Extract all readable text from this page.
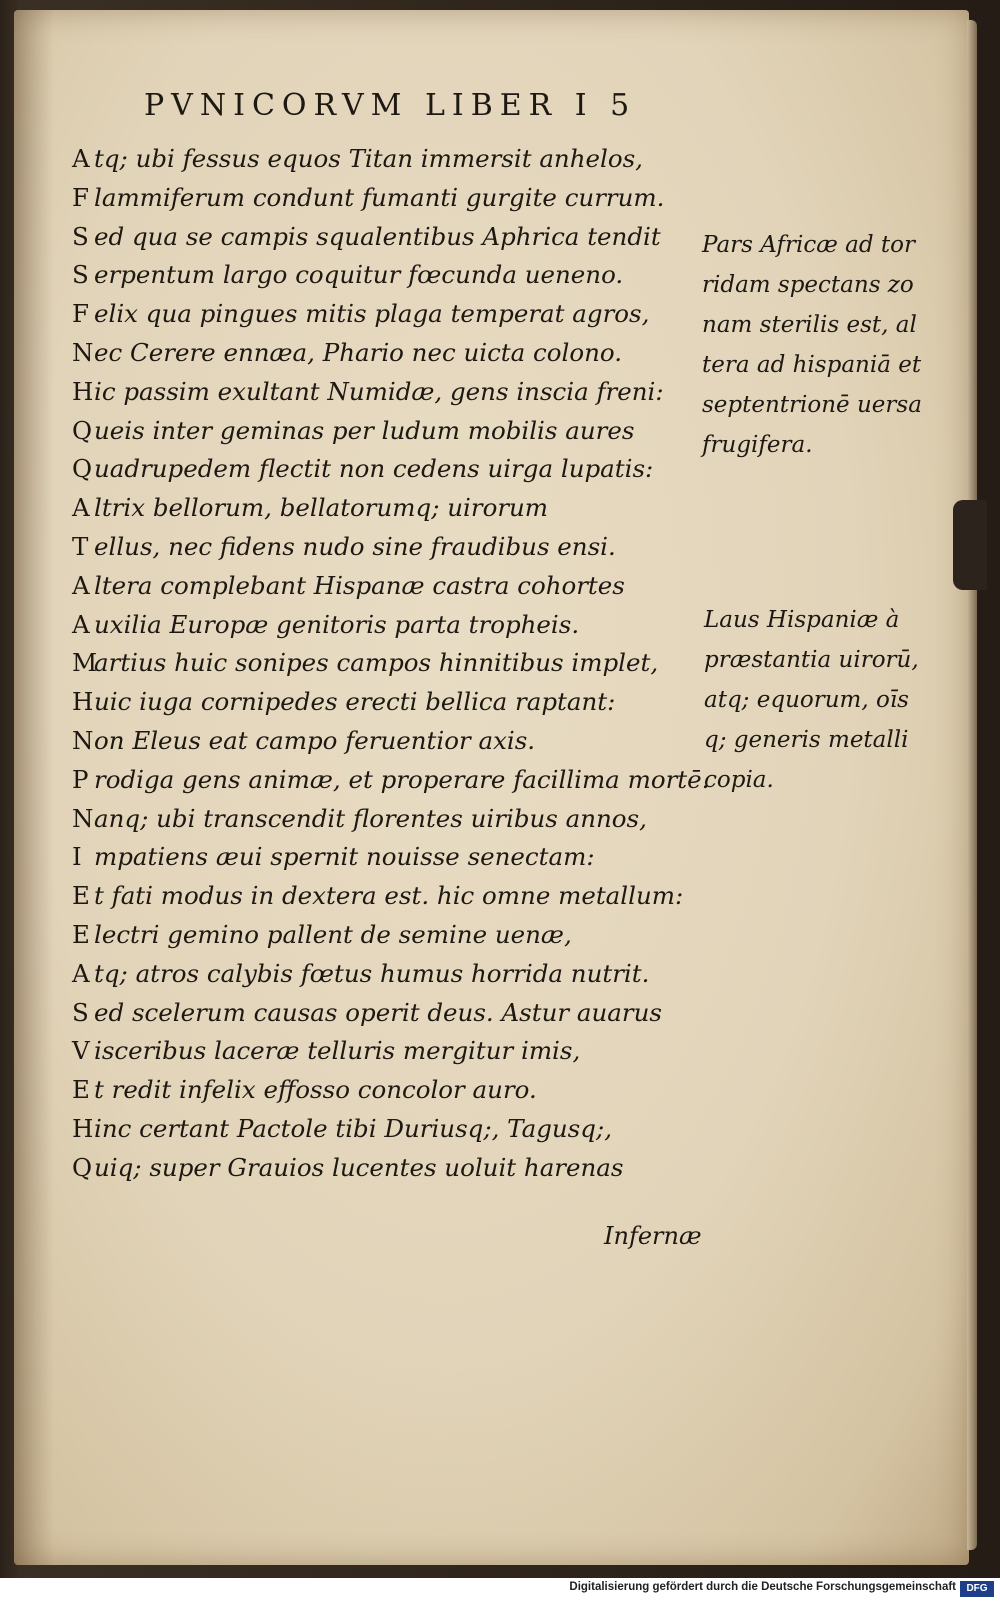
PVNICORVM LIBER I 5
A tq; ubi fessus equos Titan immersit anhelos,
F lammiferum condunt fumanti gurgite currum.
S ed qua se campis squalentibus Aphrica tendit
S erpentum largo coquitur fœcunda ueneno.
F elix qua pingues mitis plaga temperat agros,
Nec Cerere ennæa, Phario nec uicta colono.
Hic passim exultant Numidæ, gens inscia freni:
Queis inter geminas per ludum mobilis aures
Quadrupedem flectit non cedens uirga lupatis:
A ltrix bellorum, bellatorumq; uirorum
T ellus, nec fidens nudo sine fraudibus ensi.
A ltera complebant Hispanæ castra cohortes
A uxilia Europæ genitoris parta tropheis.
Martius huic sonipes campos hinnitibus implet,
Huic iuga cornipedes erecti bellica raptant:
Non Eleus eat campo feruentior axis.
P rodiga gens animæ, et properare facillima mortē.
Nanq; ubi transcendit florentes uiribus annos,
I mpatiens æui spernit nouisse senectam:
E t fati modus in dextera est. hic omne metallum:
E lectri gemino pallent de semine uenæ,
A tq; atros calybis fœtus humus horrida nutrit.
S ed scelerum causas operit deus. Astur auarus
V isceribus laceræ telluris mergitur imis,
E t redit infelix effosso concolor auro.
Hinc certant Pactole tibi Duriusq;, Tagusq;,
Quiq; super Grauios lucentes uoluit harenas
Pars Africæ ad tor
ridam spectans zo
nam sterilis est, al
tera ad hispaniā et
septentrionē uersa
frugifera.
Laus Hispaniæ à
præstantia uirorū,
atq; equorum, oīs
q; generis metalli
copia.
Infernæ
Digitalisierung gefördert durch die Deutsche Forschungsgemeinschaft	DFG
